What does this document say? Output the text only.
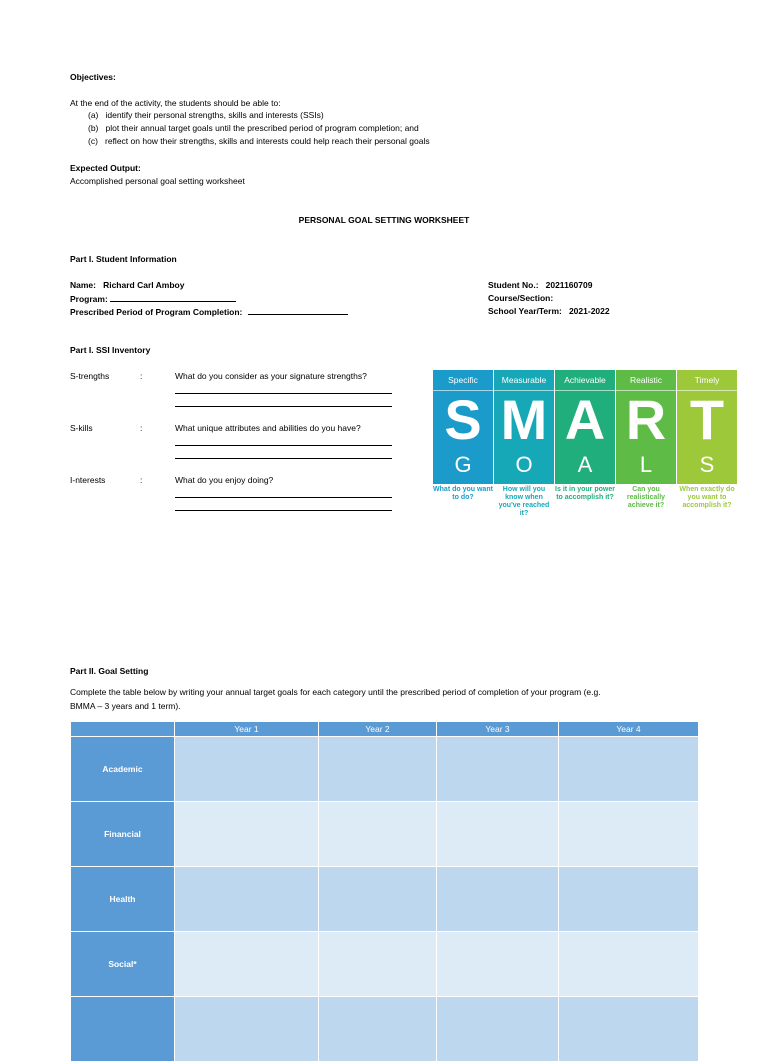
Objectives:
At the end of the activity, the students should be able to:
(a) identify their personal strengths, skills and interests (SSIs)
(b) plot their annual target goals until the prescribed period of program completion; and
(c) reflect on how their strengths, skills and interests could help reach their personal goals
Expected Output:
Accomplished personal goal setting worksheet
PERSONAL GOAL SETTING WORKSHEET
Part I. Student Information
Name: Richard Carl Amboy
Program:
Prescribed Period of Program Completion:
Student No.: 2021160709
Course/Section:
School Year/Term: 2021-2022
Part I. SSI Inventory
S-trengths	:	What do you consider as your signature strengths?
S-kills	:	What unique attributes and abilities do you have?
I-nterests	:	What do you enjoy doing?
Specific
S
G
Measurable
M
O
Achievable
A
A
Realistic
R
L
Timely
T
S
What do you want to do?
How will you know when you've reached it?
Is it in your power to accomplish it?
Can you realistically achieve it?
When exactly do you want to accomplish it?
Part II. Goal Setting
Complete the table below by writing your annual target goals for each category until the prescribed period of completion of your program (e.g.
BMMA – 3 years and 1 term).
	Year 1	Year 2	Year 3	Year 4
Academic				
Financial				
Health				
Social*				
